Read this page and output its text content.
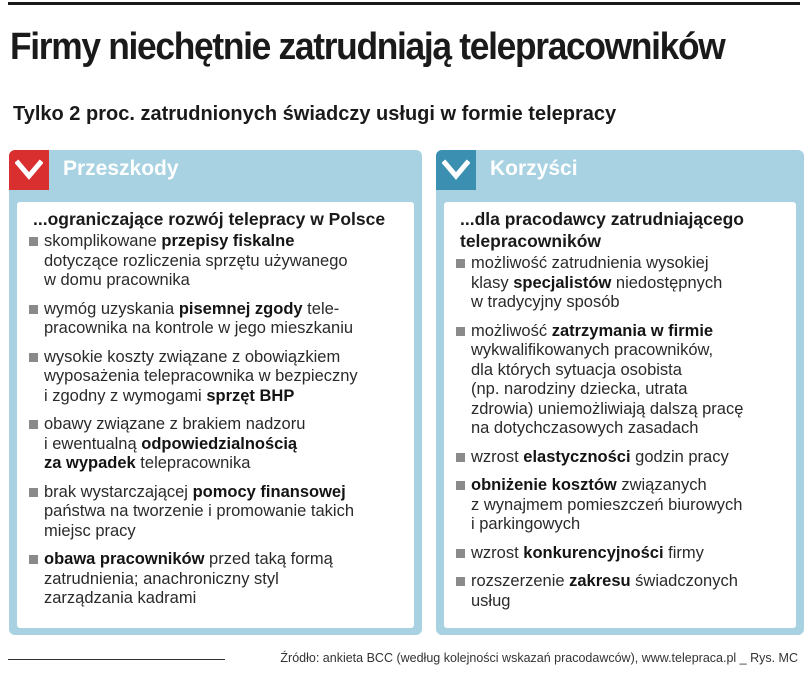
Firmy niechętnie zatrudniają telepracowników
Tylko 2 proc. zatrudnionych świadczy usługi w formie telepracy
Przeszkody
...ograniczające rozwój telepracy w Polsce
skomplikowane przepisy fiskalne
dotyczące rozliczenia sprzętu używanego
w domu pracownika
wymóg uzyskania pisemnej zgody tele-
pracownika na kontrole w jego mieszkaniu
wysokie koszty związane z obowiązkiem
wyposażenia telepracownika w bezpieczny
i zgodny z wymogami sprzęt BHP
obawy związane z brakiem nadzoru
i ewentualną odpowiedzialnością
za wypadek telepracownika
brak wystarczającej pomocy finansowej
państwa na tworzenie i promowanie takich
miejsc pracy
obawa pracowników przed taką formą
zatrudnienia; anachroniczny styl
zarządzania kadrami
Korzyści
...dla pracodawcy zatrudniającego telepracowników
możliwość zatrudnienia wysokiej
klasy specjalistów niedostępnych
w tradycyjny sposób
możliwość zatrzymania w firmie
wykwalifikowanych pracowników,
dla których sytuacja osobista
(np. narodziny dziecka, utrata
zdrowia) uniemożliwiają dalszą pracę
na dotychczasowych zasadach
wzrost elastyczności godzin pracy
obniżenie kosztów związanych
z wynajmem pomieszczeń biurowych
i parkingowych
wzrost konkurencyjności firmy
rozszerzenie zakresu świadczonych
usług
Źródło: ankieta BCC (według kolejności wskazań pracodawców), www.telepraca.pl _ Rys. MC
